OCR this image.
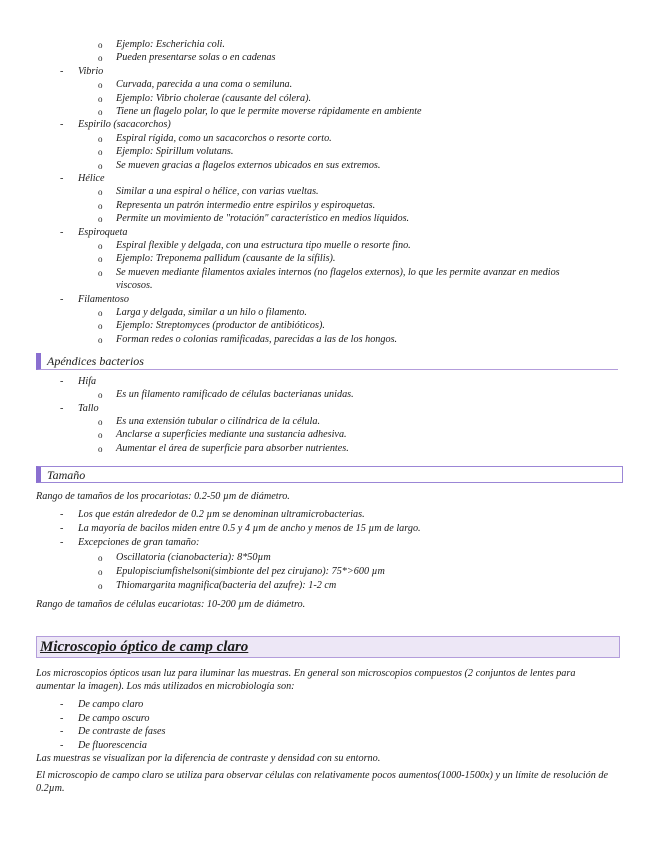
o Ejemplo: Escherichia coli.
o Pueden presentarse solas o en cadenas
- Vibrio
o Curvada, parecida a una coma o semiluna.
o Ejemplo: Vibrio cholerae (causante del cólera).
o Tiene un flagelo polar, lo que le permite moverse rápidamente en ambiente
- Espirilo (sacacorchos)
o Espiral rígida, como un sacacorchos o resorte corto.
o Ejemplo: Spirillum volutans.
o Se mueven gracias a flagelos externos ubicados en sus extremos.
- Hélice
o Similar a una espiral o hélice, con varias vueltas.
o Representa un patrón intermedio entre espirilos y espiroquetas.
o Permite un movimiento de "rotación" característico en medios líquidos.
- Espiroqueta
o Espiral flexible y delgada, con una estructura tipo muelle o resorte fino.
o Ejemplo: Treponema pallidum (causante de la sífilis).
o Se mueven mediante filamentos axiales internos (no flagelos externos), lo que les permite avanzar en medios viscosos.
- Filamentoso
o Larga y delgada, similar a un hilo o filamento.
o Ejemplo: Streptomyces (productor de antibióticos).
o Forman redes o colonias ramificadas, parecidas a las de los hongos.
Apéndices bacterios
- Hifa
o Es un filamento ramificado de células bacterianas unidas.
- Tallo
o Es una extensión tubular o cilíndrica de la célula.
o Anclarse a superficies mediante una sustancia adhesiva.
o Aumentar el área de superficie para absorber nutrientes.
Tamaño
Rango de tamaños de los procariotas: 0.2-50 µm de diámetro.
- Los que están alrededor de 0.2 µm se denominan ultramicrobacterias.
- La mayoría de bacilos miden entre 0.5 y 4 µm de ancho y menos de 15 µm de largo.
- Excepciones de gran tamaño:
o Oscillatoria (cianobacteria): 8*50µm
o Epulopisciumfishelsoni(simbionte del pez cirujano): 75*>600 µm
o Thiomargarita magnifica(bacteria del azufre): 1-2 cm
Rango de tamaños de células eucariotas: 10-200 µm de diámetro.
Microscopio óptico de camp claro
Los microscopios ópticos usan luz para iluminar las muestras. En general son microscopios compuestos (2 conjuntos de lentes para aumentar la imagen). Los más utilizados en microbiología son:
- De campo claro
- De campo oscuro
- De contraste de fases
- De fluorescencia
Las muestras se visualizan por la diferencia de contraste y densidad con su entorno.
El microscopio de campo claro se utiliza para observar células con relativamente pocos aumentos(1000-1500x) y un límite de resolución de 0.2µm.
